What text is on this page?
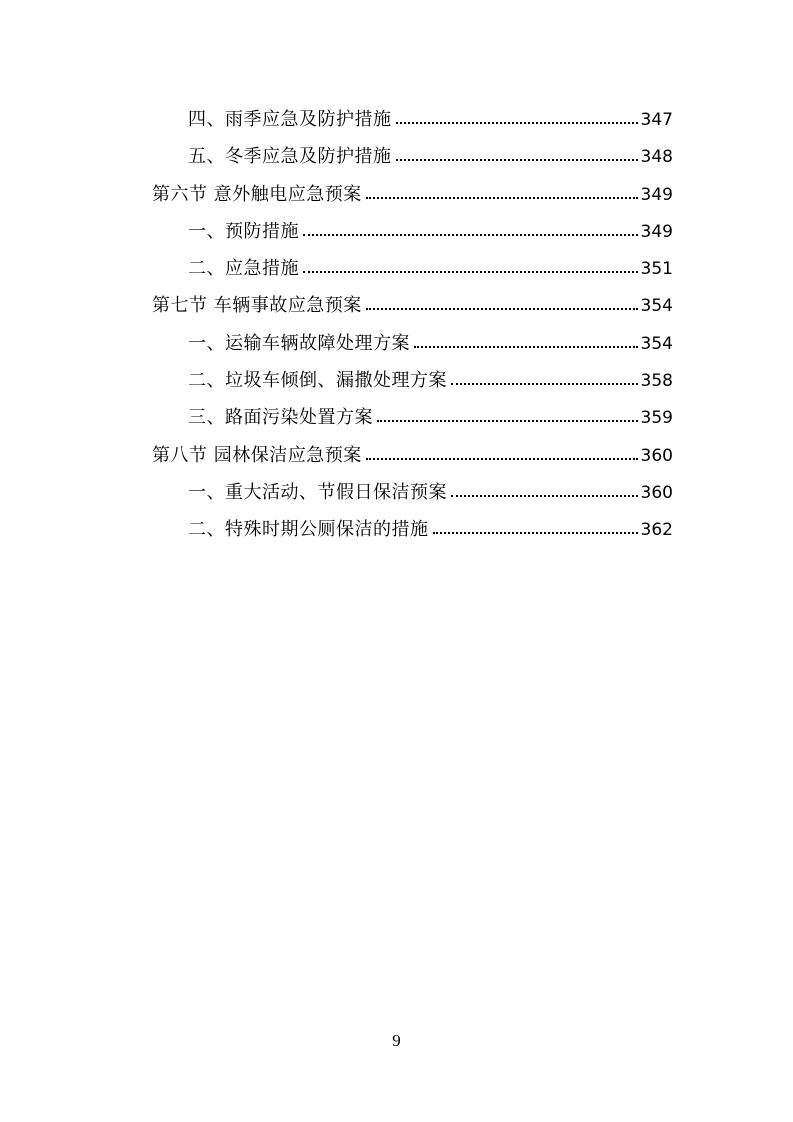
四、雨季应急及防护措施	347
五、冬季应急及防护措施	348
第六节 意外触电应急预案	349
一、预防措施	349
二、应急措施	351
第七节 车辆事故应急预案	354
一、运输车辆故障处理方案	354
二、垃圾车倾倒、漏撒处理方案	358
三、路面污染处置方案	359
第八节 园林保洁应急预案	360
一、重大活动、节假日保洁预案	360
二、特殊时期公厕保洁的措施	362
9
